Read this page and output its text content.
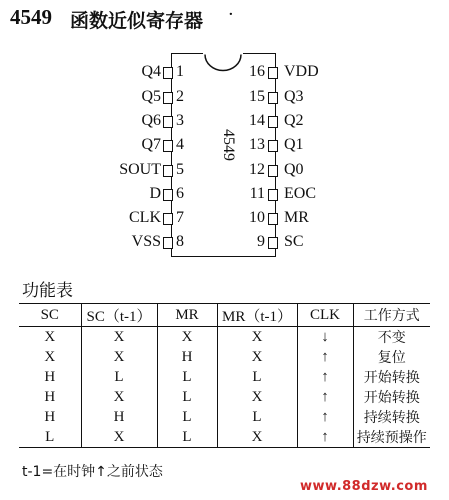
4549 函数近似寄存器 ·
4549
Q4 1
Q5 2
Q6 3
Q7 4
SOUT 5
D 6
CLK 7
VSS 8
16 VDD
15 Q3
14 Q2
13 Q1
12 Q0
11 EOC
10 MR
9 SC
功能表
SC	SC（t-1）	MR	MR（t-1）	CLK	工作方式
X	X	X	X	↓	不变
X	X	H	X	↑	复位
H	L	L	L	↑	开始转换
H	X	L	X	↑	开始转换
H	H	L	L	↑	持续转换
L	X	L	X	↑	持续预操作
t-1=在时钟↑之前状态
www.88dzw.com
